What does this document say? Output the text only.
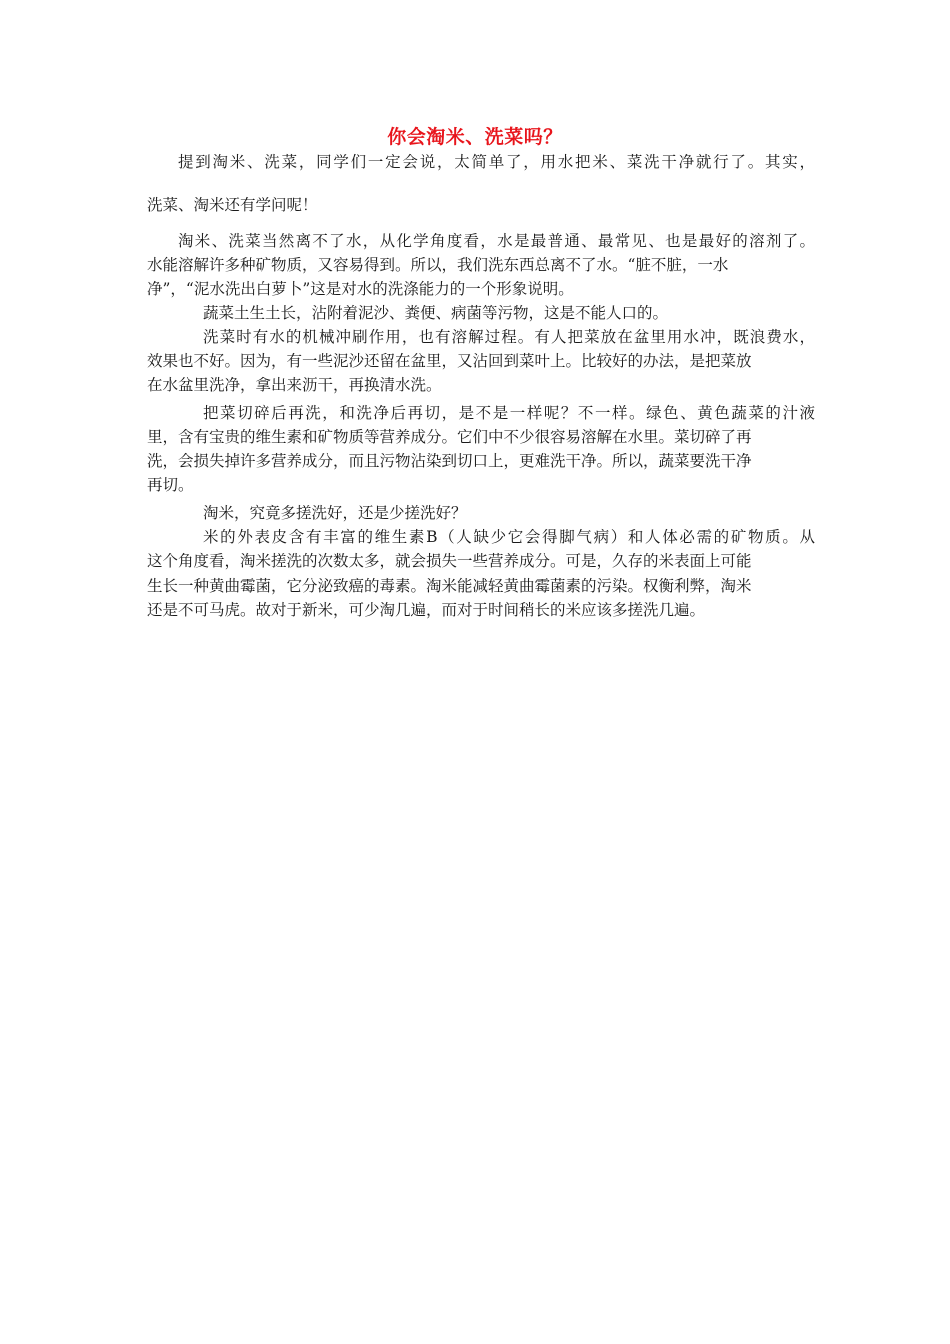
你会淘米、洗菜吗？
提到淘米、洗菜，同学们一定会说，太简单了，用水把米、菜洗干净就行了。其实，
洗菜、淘米还有学问呢！
淘米、洗菜当然离不了水，从化学角度看，水是最普通、最常见、也是最好的溶剂了。
水能溶解许多种矿物质，又容易得到。所以，我们洗东西总离不了水。“脏不脏，一水
净”，“泥水洗出白萝卜”这是对水的洗涤能力的一个形象说明。
蔬菜土生土长，沾附着泥沙、粪便、病菌等污物，这是不能人口的。
洗菜时有水的机械冲刷作用，也有溶解过程。有人把菜放在盆里用水冲，既浪费水，
效果也不好。因为，有一些泥沙还留在盆里，又沾回到菜叶上。比较好的办法，是把菜放
在水盆里洗净，拿出来沥干，再换清水洗。
把菜切碎后再洗，和洗净后再切，是不是一样呢？不一样。绿色、黄色蔬菜的汁液
里，含有宝贵的维生素和矿物质等营养成分。它们中不少很容易溶解在水里。菜切碎了再
洗，会损失掉许多营养成分，而且污物沾染到切口上，更难洗干净。所以，蔬菜要洗干净
再切。
淘米，究竟多搓洗好，还是少搓洗好？
米的外表皮含有丰富的维生素B（人缺少它会得脚气病）和人体必需的矿物质。从
这个角度看，淘米搓洗的次数太多，就会损失一些营养成分。可是，久存的米表面上可能
生长一种黄曲霉菌，它分泌致癌的毒素。淘米能减轻黄曲霉菌素的污染。权衡利弊，淘米
还是不可马虎。故对于新米，可少淘几遍，而对于时间稍长的米应该多搓洗几遍。
